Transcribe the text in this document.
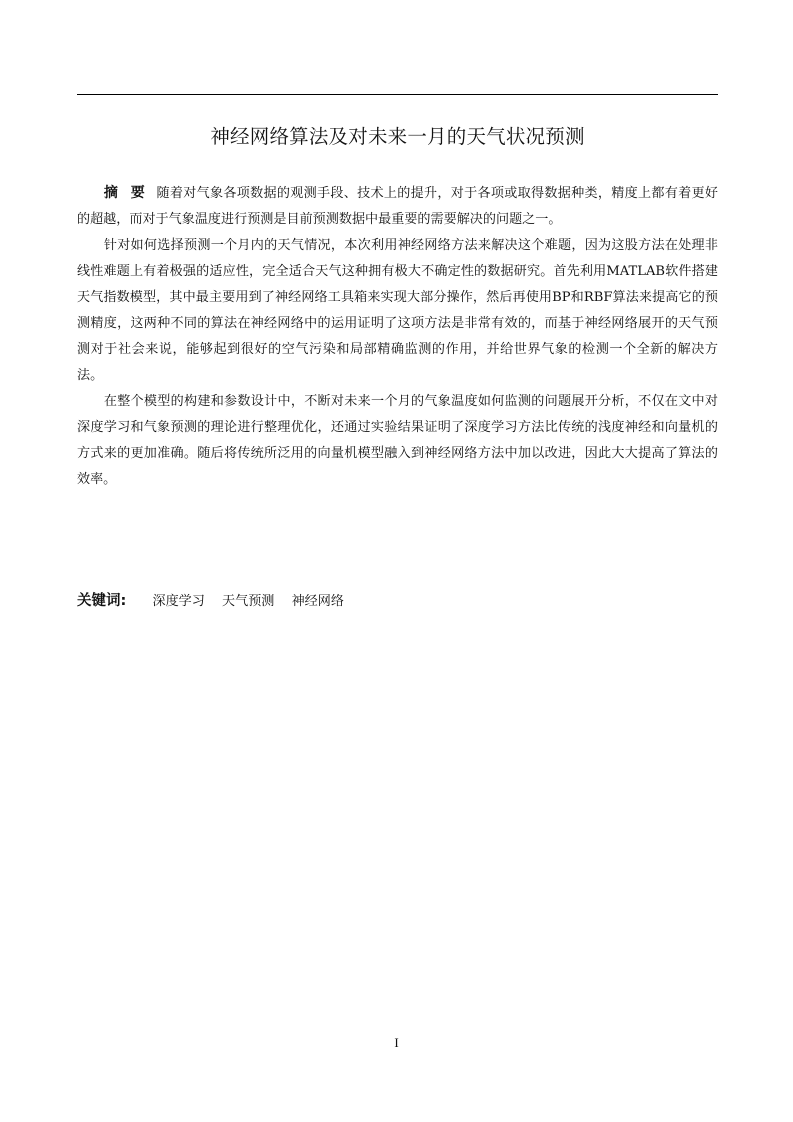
神经网络算法及对未来一月的天气状况预测

摘要 随着对气象各项数据的观测手段、技术上的提升，对于各项或取得数据种类，精度上都有着更好的超越，而对于气象温度进行预测是目前预测数据中最重要的需要解决的问题之一。

针对如何选择预测一个月内的天气情况，本次利用神经网络方法来解决这个难题，因为这股方法在处理非线性难题上有着极强的适应性，完全适合天气这种拥有极大不确定性的数据研究。首先利用MATLAB软件搭建天气指数模型，其中最主要用到了神经网络工具箱来实现大部分操作，然后再使用BP和RBF算法来提高它的预测精度，这两种不同的算法在神经网络中的运用证明了这项方法是非常有效的，而基于神经网络展开的天气预测对于社会来说，能够起到很好的空气污染和局部精确监测的作用，并给世界气象的检测一个全新的解决方法。

在整个模型的构建和参数设计中，不断对未来一个月的气象温度如何监测的问题展开分析，不仅在文中对深度学习和气象预测的理论进行整理优化，还通过实验结果证明了深度学习方法比传统的浅度神经和向量机的方式来的更加准确。随后将传统所泛用的向量机模型融入到神经网络方法中加以改进，因此大大提高了算法的效率。

关键词: 深度学习 天气预测 神经网络
I
